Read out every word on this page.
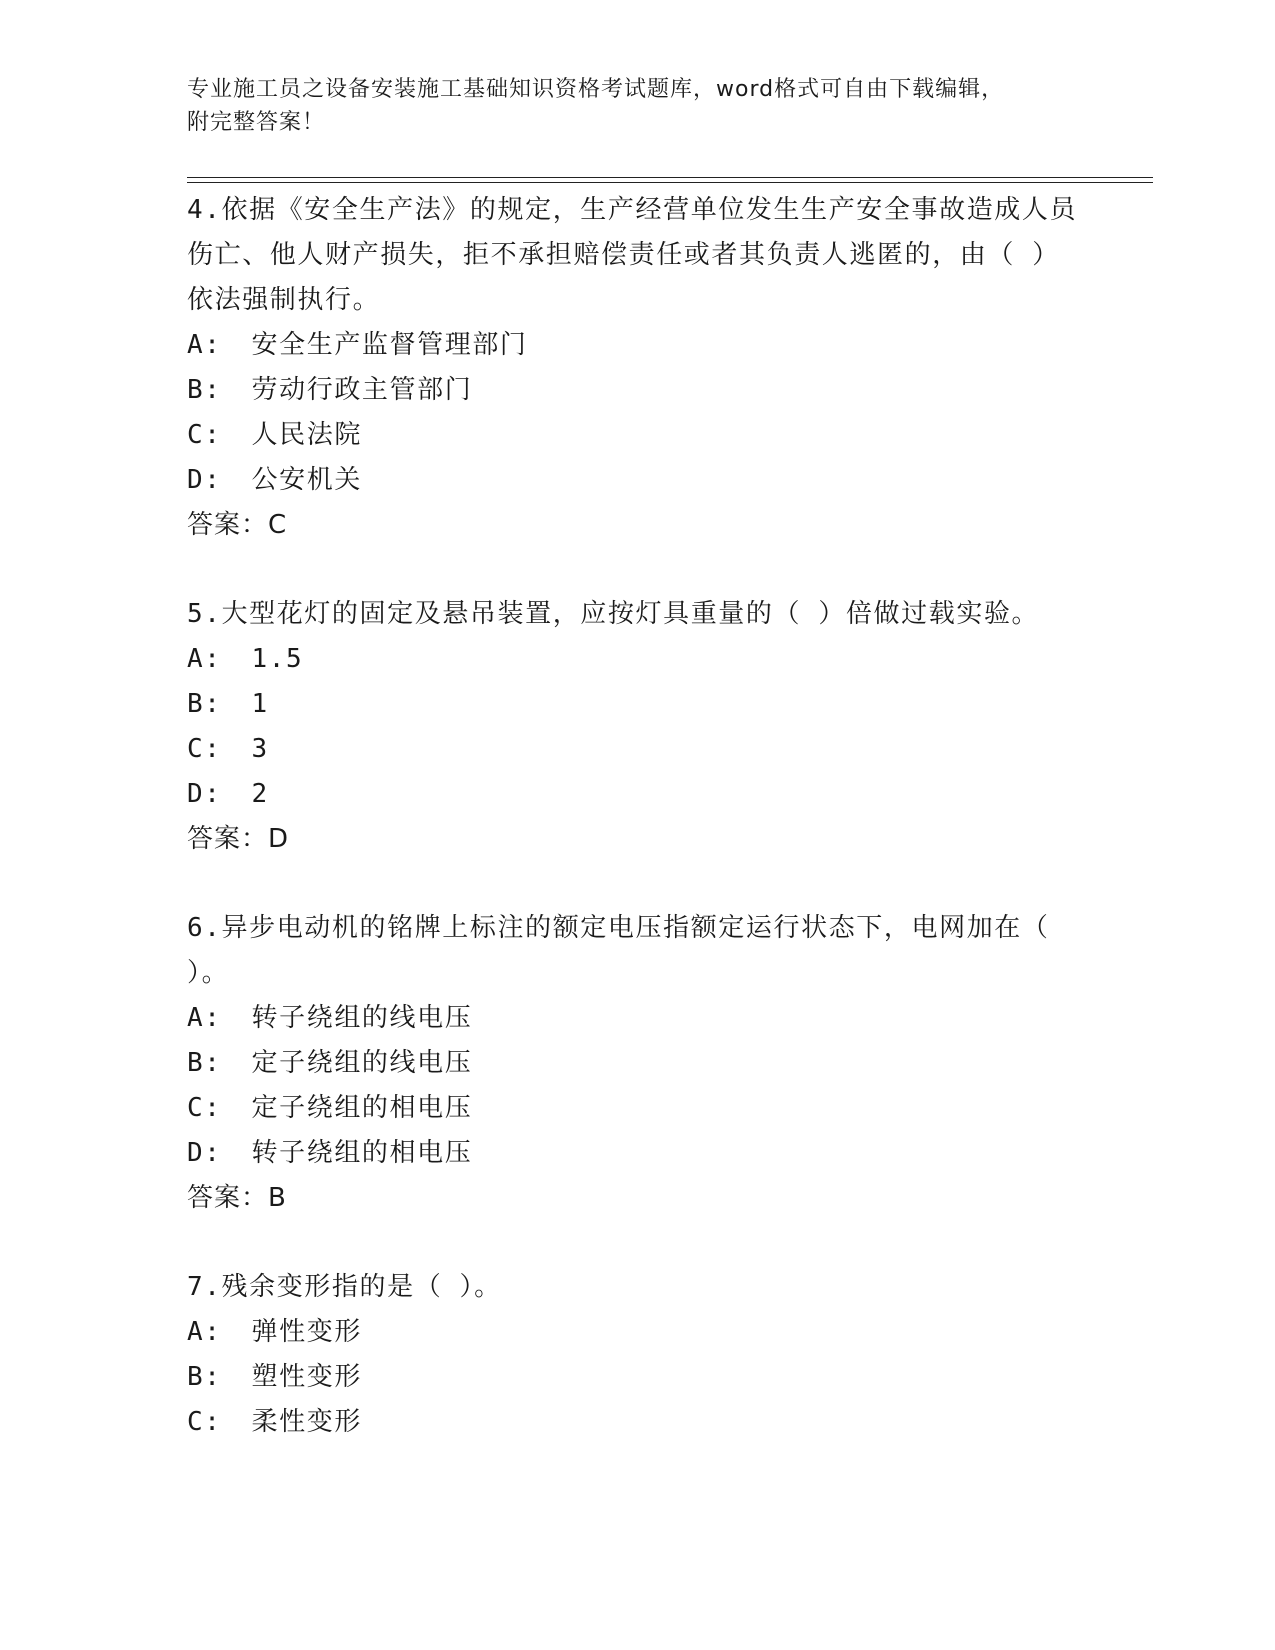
专业施工员之设备安装施工基础知识资格考试题库，word格式可自由下载编辑，
附完整答案！
4.依据《安全生产法》的规定，生产经营单位发生生产安全事故造成人员伤亡、他人财产损失，拒不承担赔偿责任或者其负责人逃匿的，由（ ）依法强制执行。
A: 安全生产监督管理部门
B: 劳动行政主管部门
C: 人民法院
D: 公安机关
答案：C
5.大型花灯的固定及悬吊装置，应按灯具重量的（ ）倍做过载实验。
A: 1.5
B: 1
C: 3
D: 2
答案：D
6.异步电动机的铭牌上标注的额定电压指额定运行状态下，电网加在（ ）。
A: 转子绕组的线电压
B: 定子绕组的线电压
C: 定子绕组的相电压
D: 转子绕组的相电压
答案：B
7.残余变形指的是（ ）。
A: 弹性变形
B: 塑性变形
C: 柔性变形
